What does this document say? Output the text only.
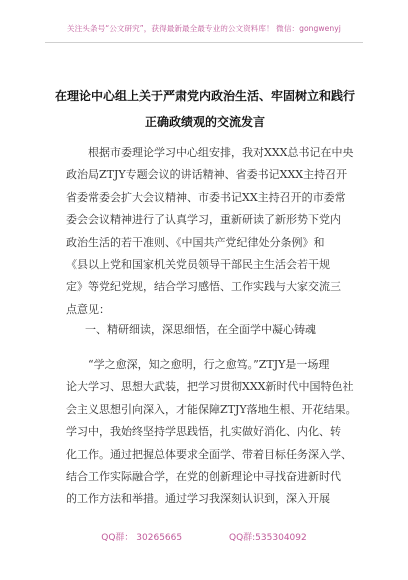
关注头条号“公文研究”，获得最新最全最专业的公文资料库！ 微信：gongwenyj
在理论中心组上关于严肃党内政治生活、牢固树立和践行
正确政绩观的交流发言
根据市委理论学习中心组安排，我对XXX总书记在中央
政治局ZTJY专题会议的讲话精神、省委书记XXX主持召开
省委常委会扩大会议精神、市委书记XX主持召开的市委常
委会会议精神进行了认真学习，重新研读了新形势下党内
政治生活的若干准则、《中国共产党纪律处分条例》和
《县以上党和国家机关党员领导干部民主生活会若干规
定》等党纪党规，结合学习感悟、工作实践与大家交流三
点意见：
一、精研细读，深思细悟，在全面学中凝心铸魂
“学之愈深，知之愈明，行之愈笃。”ZTJY是一场理
论大学习、思想大武装，把学习贯彻XXX新时代中国特色社
会主义思想引向深入，才能保障ZTJY落地生根、开花结果。
学习中，我始终坚持学思践悟，扎实做好消化、内化、转
化工作。通过把握总体要求全面学、带着目标任务深入学、
结合工作实际融合学，在党的创新理论中寻找奋进新时代
的工作方法和举措。通过学习我深刻认识到，深入开展
QQ群： 30265665	QQ群:535304092
